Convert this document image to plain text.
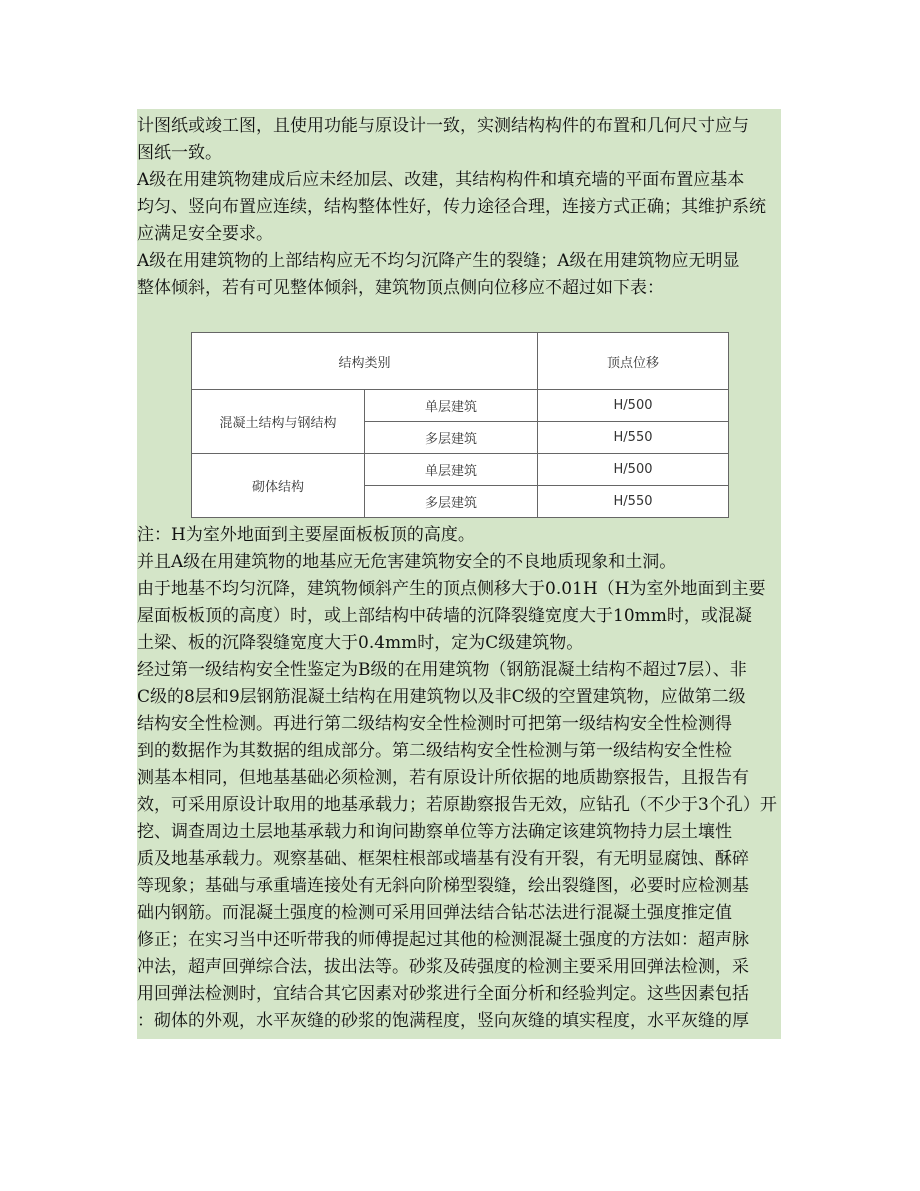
计图纸或竣工图，且使用功能与原设计一致，实测结构构件的布置和几何尺寸应与
图纸一致。
A级在用建筑物建成后应未经加层、改建，其结构构件和填充墙的平面布置应基本
均匀、竖向布置应连续，结构整体性好，传力途径合理，连接方式正确；其维护系统
应满足安全要求。
A级在用建筑物的上部结构应无不均匀沉降产生的裂缝；A级在用建筑物应无明显
整体倾斜，若有可见整体倾斜，建筑物顶点侧向位移应不超过如下表：
结构类别		顶点位移
混凝土结构与钢结构	单层建筑	H/500
	多层建筑	H/550
砌体结构	单层建筑	H/500
	多层建筑	H/550
注：H为室外地面到主要屋面板板顶的高度。
并且A级在用建筑物的地基应无危害建筑物安全的不良地质现象和土洞。
由于地基不均匀沉降，建筑物倾斜产生的顶点侧移大于0.01H（H为室外地面到主要
屋面板板顶的高度）时，或上部结构中砖墙的沉降裂缝宽度大于10mm时，或混凝
土梁、板的沉降裂缝宽度大于0.4mm时，定为C级建筑物。
经过第一级结构安全性鉴定为B级的在用建筑物（钢筋混凝土结构不超过7层）、非
C级的8层和9层钢筋混凝土结构在用建筑物以及非C级的空置建筑物，应做第二级
结构安全性检测。再进行第二级结构安全性检测时可把第一级结构安全性检测得
到的数据作为其数据的组成部分。第二级结构安全性检测与第一级结构安全性检
测基本相同，但地基基础必须检测，若有原设计所依据的地质勘察报告，且报告有
效，可采用原设计取用的地基承载力；若原勘察报告无效，应钻孔（不少于3个孔）开
挖、调查周边土层地基承载力和询问勘察单位等方法确定该建筑物持力层土壤性
质及地基承载力。观察基础、框架柱根部或墙基有没有开裂，有无明显腐蚀、酥碎
等现象；基础与承重墙连接处有无斜向阶梯型裂缝，绘出裂缝图，必要时应检测基
础内钢筋。而混凝土强度的检测可采用回弹法结合钻芯法进行混凝土强度推定值
修正；在实习当中还听带我的师傅提起过其他的检测混凝土强度的方法如：超声脉
冲法，超声回弹综合法，拔出法等。砂浆及砖强度的检测主要采用回弹法检测，采
用回弹法检测时，宜结合其它因素对砂浆进行全面分析和经验判定。这些因素包括
：砌体的外观，水平灰缝的砂浆的饱满程度，竖向灰缝的填实程度，水平灰缝的厚
